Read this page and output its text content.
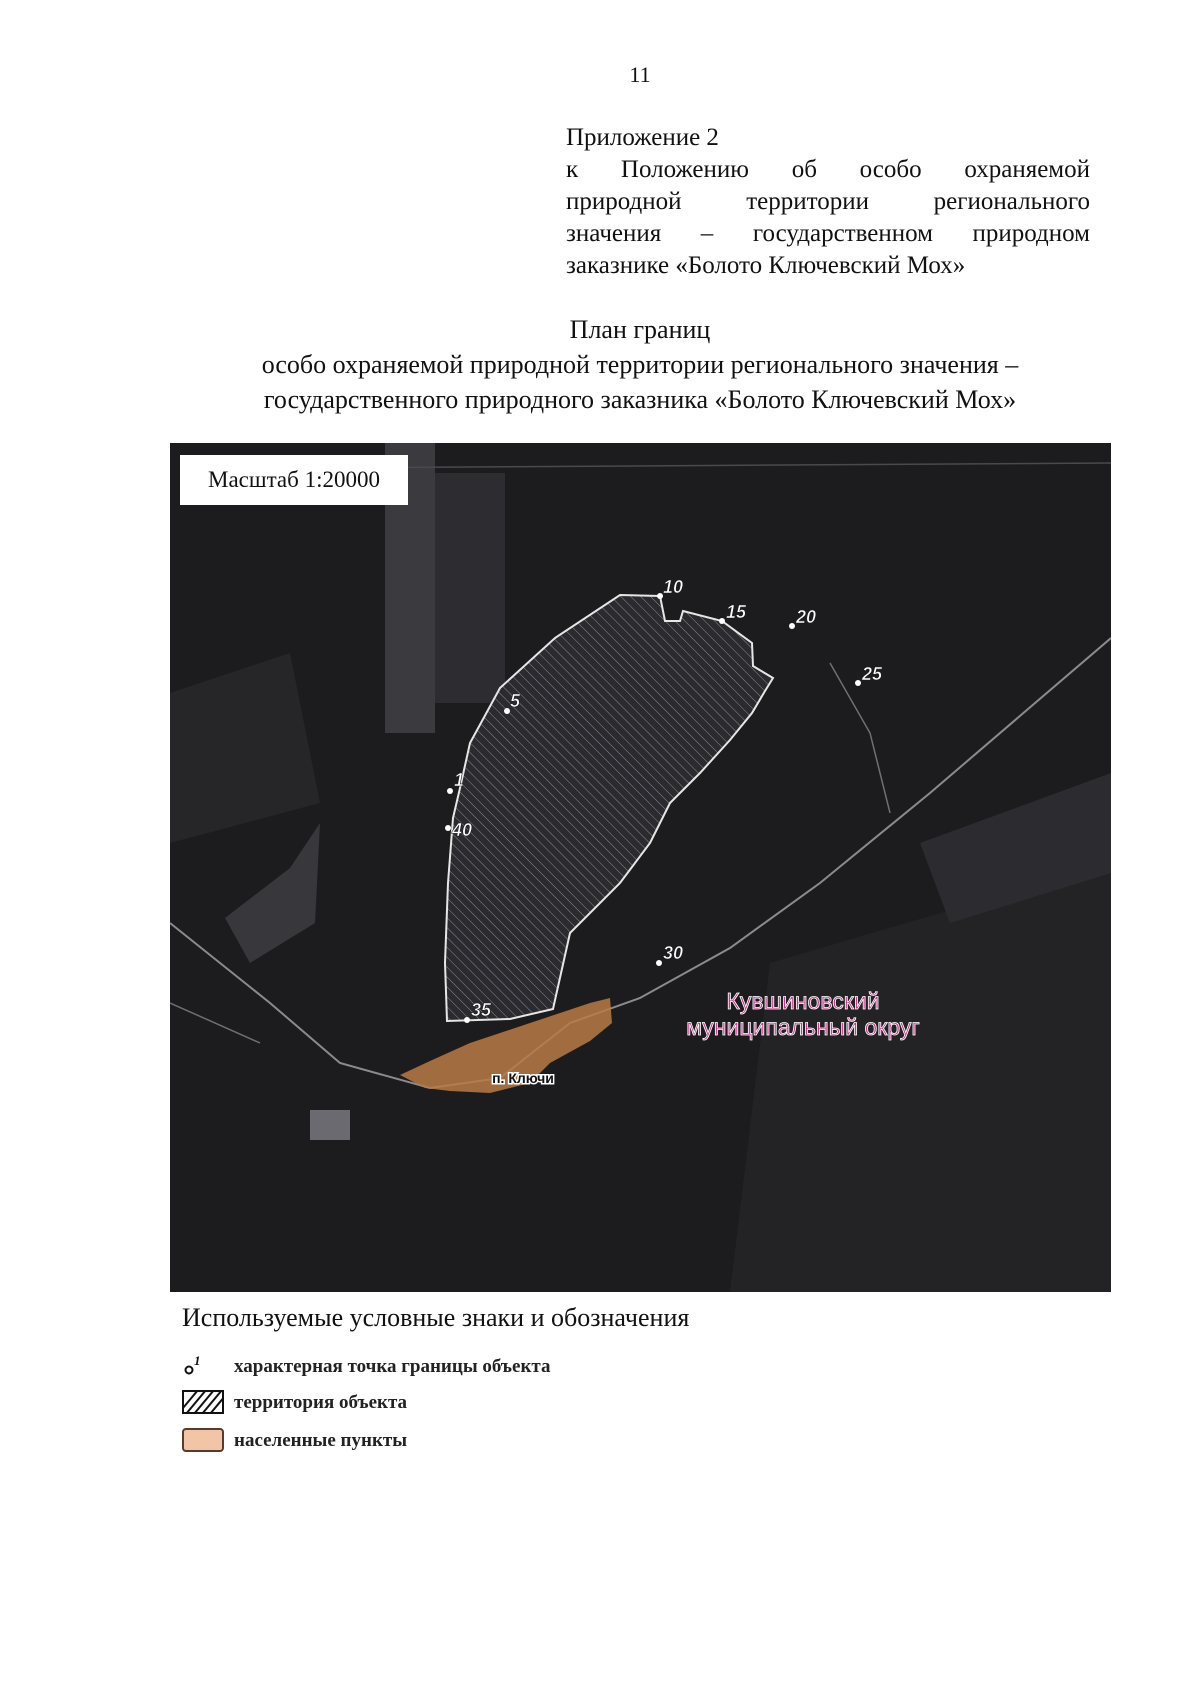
11
Приложение 2
к Положению об особо охраняемой
природной территории регионального
значения – государственном природном
заказнике «Болото Ключевский Мох»
План границ
особо охраняемой природной территории регионального значения –
государственного природного заказника «Болото Ключевский Мох»
10
15	20
25
5
1
40
30
35	Кувшиновский
муниципальный округ
п. Ключи
Масштаб 1:20000
Используемые условные знаки и обозначения
1 характерная точка границы объекта
территория объекта
населенные пункты
